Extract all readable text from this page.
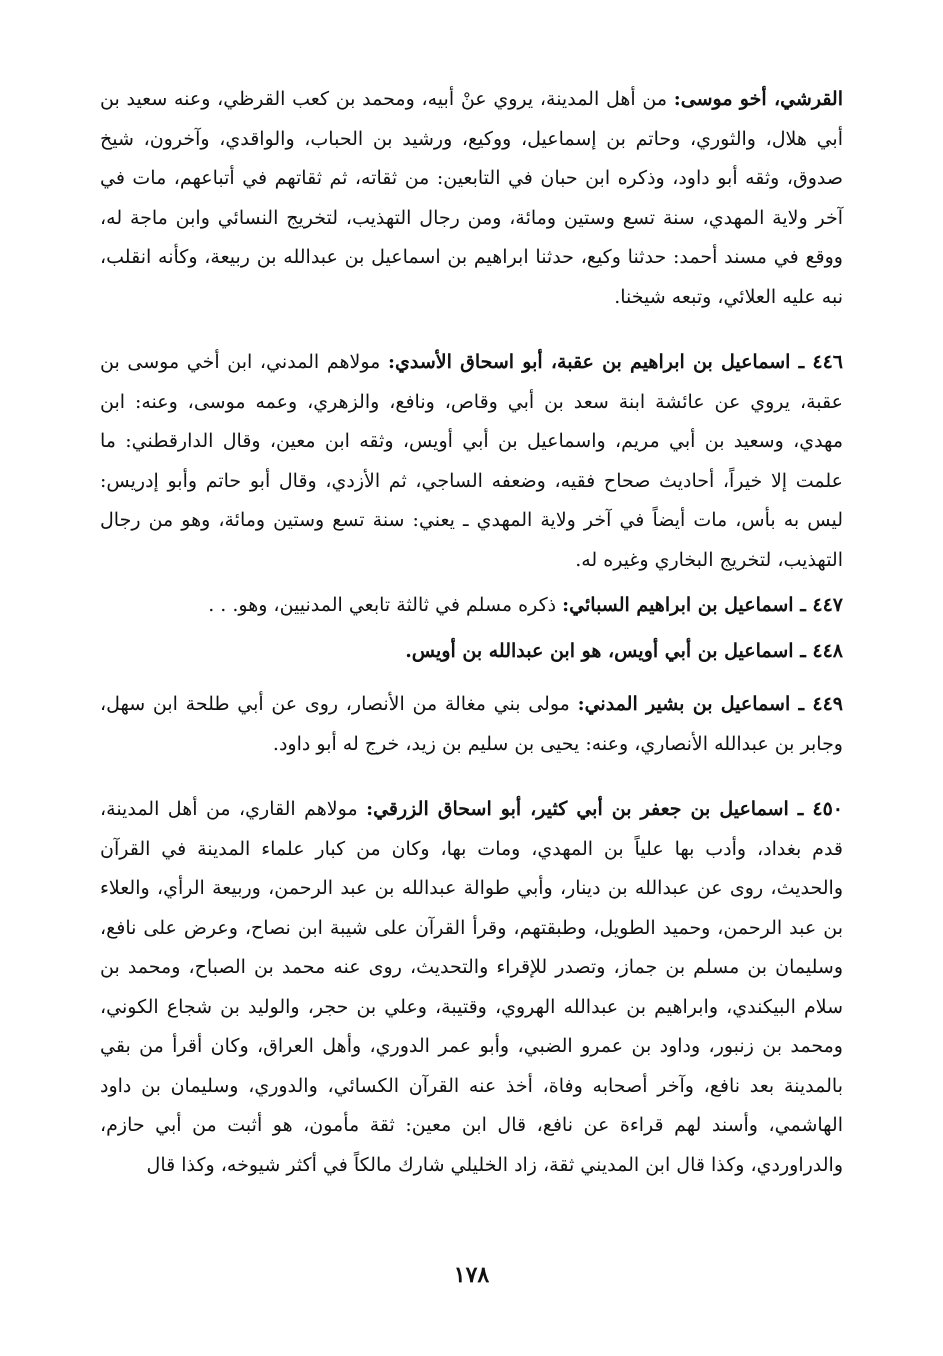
القرشي، أخو موسى: من أهل المدينة، يروي عنْ أبيه، ومحمد بن كعب القرظي، وعنه سعيد بن أبي هلال، والثوري، وحاتم بن إسماعيل، ووكيع، ورشيد بن الحباب، والواقدي، وآخرون، شيخ صدوق، وثقه أبو داود، وذكره ابن حبان في التابعين: من ثقاته، ثم ثقاتهم في أتباعهم، مات في آخر ولاية المهدي، سنة تسع وستين ومائة، ومن رجال التهذيب، لتخريج النسائي وابن ماجة له، ووقع في مسند أحمد: حدثنا وكيع، حدثنا ابراهيم بن اسماعيل بن عبدالله بن ربيعة، وكأنه انقلب، نبه عليه العلائي، وتبعه شيخنا.

٤٤٦ ـ اسماعيل بن ابراهيم بن عقبة، أبو اسحاق الأسدي: مولاهم المدني، ابن أخي موسى بن عقبة، يروي عن عائشة ابنة سعد بن أبي وقاص، ونافع، والزهري، وعمه موسى، وعنه: ابن مهدي، وسعيد بن أبي مريم، واسماعيل بن أبي أويس، وثقه ابن معين، وقال الدارقطني: ما علمت إلا خيراً، أحاديث صحاح فقيه، وضعفه الساجي، ثم الأزدي، وقال أبو حاتم وأبو إدريس: ليس به بأس، مات أيضاً في آخر ولاية المهدي ـ يعني: سنة تسع وستين ومائة، وهو من رجال التهذيب، لتخريج البخاري وغيره له.

٤٤٧ ـ اسماعيل بن ابراهيم السبائي: ذكره مسلم في ثالثة تابعي المدنيين، وهو. . .

٤٤٨ ـ اسماعيل بن أبي أويس، هو ابن عبدالله بن أويس.

٤٤٩ ـ اسماعيل بن بشير المدني: مولى بني مغالة من الأنصار، روى عن أبي طلحة ابن سهل، وجابر بن عبدالله الأنصاري، وعنه: يحيى بن سليم بن زيد، خرج له أبو داود.

٤٥٠ ـ اسماعيل بن جعفر بن أبي كثير، أبو اسحاق الزرقي: مولاهم القاري، من أهل المدينة، قدم بغداد، وأدب بها علياً بن المهدي، ومات بها، وكان من كبار علماء المدينة في القرآن والحديث، روى عن عبدالله بن دينار، وأبي طوالة عبدالله بن عبد الرحمن، وربيعة الرأي، والعلاء بن عبد الرحمن، وحميد الطويل، وطبقتهم، وقرأ القرآن على شيبة ابن نصاح، وعرض على نافع، وسليمان بن مسلم بن جماز، وتصدر للإقراء والتحديث، روى عنه محمد بن الصباح، ومحمد بن سلام البيكندي، وابراهيم بن عبدالله الهروي، وقتيبة، وعلي بن حجر، والوليد بن شجاع الكوني، ومحمد بن زنبور، وداود بن عمرو الضبي، وأبو عمر الدوري، وأهل العراق، وكان أقرأ من بقي بالمدينة بعد نافع، وآخر أصحابه وفاة، أخذ عنه القرآن الكسائي، والدوري، وسليمان بن داود الهاشمي، وأسند لهم قراءة عن نافع، قال ابن معين: ثقة مأمون، هو أثبت من أبي حازم، والدراوردي، وكذا قال ابن المديني ثقة، زاد الخليلي شارك مالكاً في أكثر شيوخه، وكذا قال

١٧٨
